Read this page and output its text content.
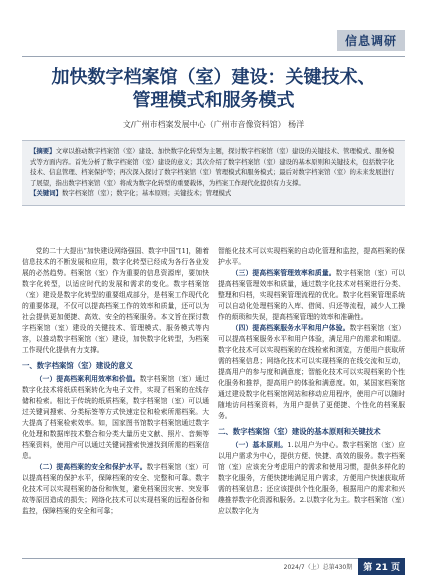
信息调研
加快数字档案馆（室）建设：关键技术、
管理模式和服务模式
文/广州市档案发展中心（广州市音像资料馆） 杨洋
【摘要】文章以推动数字档案馆（室）建设、加快数字化转型为主题，探讨数字档案馆（室）建设的关键技术、管理模式、服务模式等方面内容。首先分析了数字档案馆（室）建设的意义；其次介绍了数字档案馆（室）建设的基本原则和关键技术，包括数字化技术、信息管理、档案保护等；再次深入探讨了数字档案馆（室）管理模式和服务模式；最后对数字档案馆（室）的未来发展进行了展望，指出数字档案馆（室）将成为数字化转型的重要载体，为档案工作现代化提供有力支撑。
【关键词】数字档案馆（室）；数字化；基本原则；关键技术；管理模式

党的二十大提出“加快建设网络强国、数字中国”[1]，随着信息技术的不断发展和应用，数字化转型已经成为各行各业发展的必然趋势。档案馆（室）作为重要的信息资源库，要加快数字化转型，以适应时代的发展和需求的变化。数字档案馆（室）建设是数字化转型的重要组成部分，是档案工作现代化的重要体现，不仅可以提高档案工作的效率和质量，还可以为社会提供更加便捷、高效、安全的档案服务。本文旨在探讨数字档案馆（室）建设的关键技术、管理模式、服务模式等内容，以推动数字档案馆（室）建设，加快数字化转型，为档案工作现代化提供有力支撑。

一、数字档案馆（室）建设的意义

（一）提高档案利用效率和价值。数字档案馆（室）通过数字化技术将纸质档案转化为电子文件，实现了档案的在线存储和检索。相比于传统的纸质档案，数字档案馆（室）可以通过关键词搜索、分类标签等方式快速定位和检索所需档案。大大提高了档案检索效率。如，国家图书馆数字档案馆通过数字化处理和数据库技术整合和分类大量历史文献、照片、音频等档案资料，使用户可以通过关键词搜索快速找到所需的档案信息。

（二）提高档案的安全和保护水平。数字档案馆（室）可以提高档案的保护水平，保障档案的安全、完整和可靠。数字化技术可以实现档案的备份和恢复，避免档案因灾害、突发事故等原因造成的损失；网络化技术可以实现档案的远程备份和监控，保障档案的安全和可靠；

智能化技术可以实现档案的自动化管理和监控，提高档案的保护水平。

（三）提高档案管理效率和质量。数字档案馆（室）可以提高档案管理效率和质量，通过数字化技术对档案进行分类、整理和归档，实现档案管理流程的优化。数字化档案管理系统可以自动化处理档案的入库、借阅、归还等流程，减少人工操作的烦琐和失误，提高档案管理的效率和准确性。

（四）提高档案服务水平和用户体验。数字档案馆（室）可以提高档案服务水平和用户体验，满足用户的需求和期望。数字化技术可以实现档案的在线检索和浏览，方便用户获取所需的档案信息；网络化技术可以实现档案的在线交流和互动，提高用户的参与度和满意度；智能化技术可以实现档案的个性化服务和推荐，提高用户的体验和满意度。如，某国家档案馆通过建设数字化档案馆网站和移动应用程序，使用户可以随时随地访问档案资料，为用户提供了更便捷、个性化的档案服务。

二、数字档案馆（室）建设的基本原则和关键技术

（一）基本原则。1.以用户为中心。数字档案馆（室）应以用户需求为中心，提供方便、快捷、高效的服务。数字档案馆（室）应该充分考虑用户的需求和使用习惯，提供多样化的数字化服务，方便快捷地满足用户需求，方便用户快速获取所需的档案信息；还应该提供个性化服务，根据用户的需求和兴趣推荐数字化资源和服务。2.以数字化为主。数字档案馆（室）应以数字化为

2024/7（上）总第430期	第 21 页
